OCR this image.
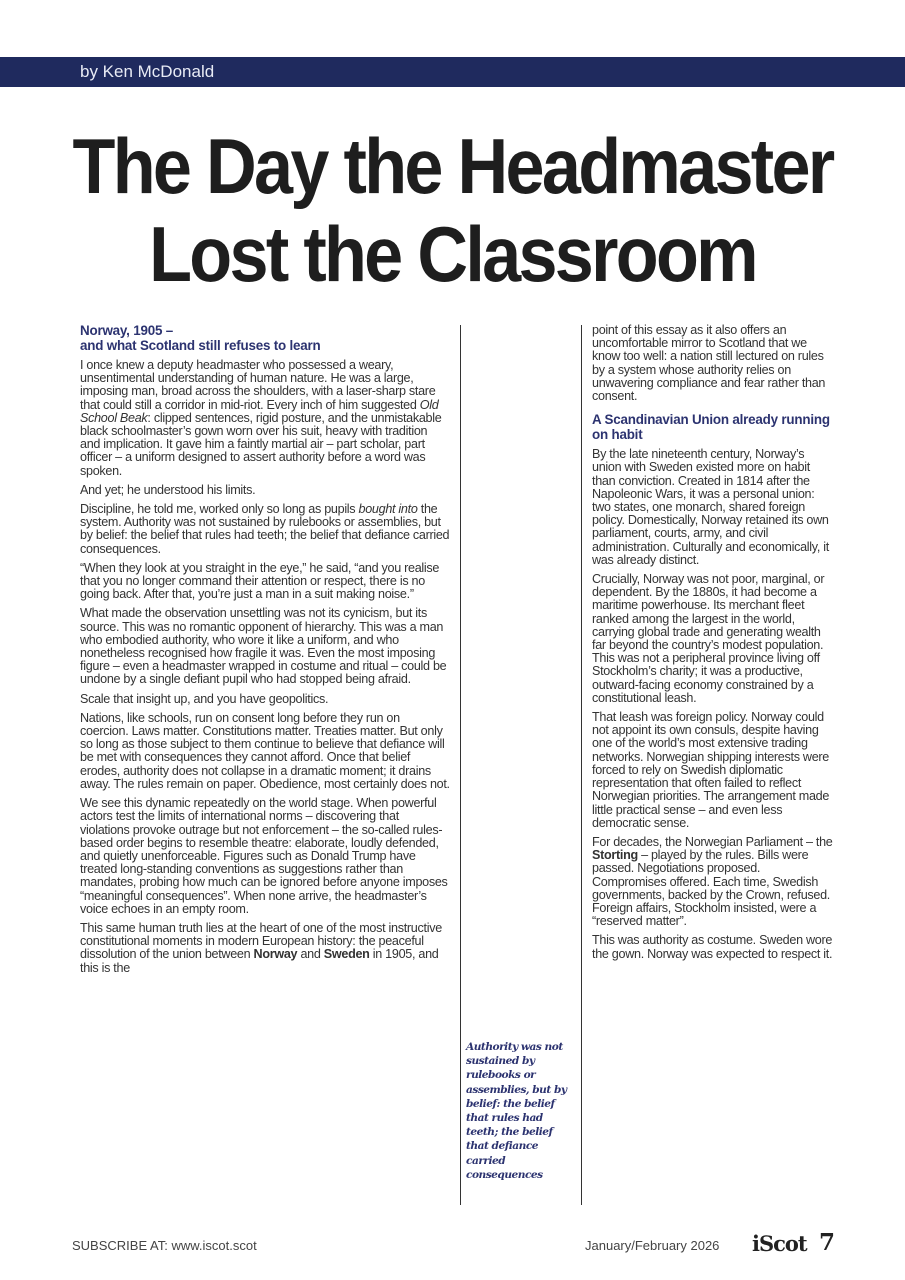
by Ken McDonald
The Day the Headmaster
Lost the Classroom
Norway, 1905 –
and what Scotland still refuses to learn

I once knew a deputy headmaster who possessed a weary, unsentimental understanding of human nature. He was a large, imposing man, broad across the shoulders, with a laser-sharp stare that could still a corridor in mid-riot. Every inch of him suggested Old School Beak: clipped sentences, rigid posture, and the unmistakable black schoolmaster’s gown worn over his suit, heavy with tradition and implication. It gave him a faintly martial air – part scholar, part officer – a uniform designed to assert authority before a word was spoken.

And yet; he understood his limits.

Discipline, he told me, worked only so long as pupils bought into the system. Authority was not sustained by rulebooks or assemblies, but by belief: the belief that rules had teeth; the belief that defiance carried consequences.

“When they look at you straight in the eye,” he said, “and you realise that you no longer command their attention or respect, there is no going back. After that, you’re just a man in a suit making noise.”

What made the observation unsettling was not its cynicism, but its source. This was no romantic opponent of hierarchy. This was a man who embodied authority, who wore it like a uniform, and who nonetheless recognised how fragile it was. Even the most imposing figure – even a headmaster wrapped in costume and ritual – could be undone by a single defiant pupil who had stopped being afraid.

Scale that insight up, and you have geopolitics.

Nations, like schools, run on consent long before they run on coercion. Laws matter. Constitutions matter. Treaties matter. But only so long as those subject to them continue to believe that defiance will be met with consequences they cannot afford. Once that belief erodes, authority does not collapse in a dramatic moment; it drains away. The rules remain on paper. Obedience, most certainly does not.

We see this dynamic repeatedly on the world stage. When powerful actors test the limits of international norms – discovering that violations provoke outrage but not enforcement – the so-called rules-based order begins to resemble theatre: elaborate, loudly defended, and quietly unenforceable. Figures such as Donald Trump have treated long-standing conventions as suggestions rather than mandates, probing how much can be ignored before anyone imposes “meaningful consequences”. When none arrive, the headmaster’s voice echoes in an empty room.

This same human truth lies at the heart of one of the most instructive constitutional moments in modern European history: the peaceful dissolution of the union between Norway and Sweden in 1905, and this is the

Authority was not sustained by rulebooks or assemblies, but by belief: the belief that rules had teeth; the belief that defiance carried consequences

point of this essay as it also offers an uncomfortable mirror to Scotland that we know too well: a nation still lectured on rules by a system whose authority relies on unwavering compliance and fear rather than consent.

A Scandinavian Union already running on habit

By the late nineteenth century, Norway’s union with Sweden existed more on habit than conviction. Created in 1814 after the Napoleonic Wars, it was a personal union: two states, one monarch, shared foreign policy. Domestically, Norway retained its own parliament, courts, army, and civil administration. Culturally and economically, it was already distinct.

Crucially, Norway was not poor, marginal, or dependent. By the 1880s, it had become a maritime powerhouse. Its merchant fleet ranked among the largest in the world, carrying global trade and generating wealth far beyond the country’s modest population. This was not a peripheral province living off Stockholm’s charity; it was a productive, outward-facing economy constrained by a constitutional leash.

That leash was foreign policy. Norway could not appoint its own consuls, despite having one of the world’s most extensive trading networks. Norwegian shipping interests were forced to rely on Swedish diplomatic representation that often failed to reflect Norwegian priorities. The arrangement made little practical sense – and even less democratic sense.

For decades, the Norwegian Parliament – the Storting – played by the rules. Bills were passed. Negotiations proposed. Compromises offered. Each time, Swedish governments, backed by the Crown, refused. Foreign affairs, Stockholm insisted, were a “reserved matter”.

This was authority as costume. Sweden wore the gown. Norway was expected to respect it.

SUBSCRIBE AT: www.iscot.scot	January/February 2026 iScot 7
